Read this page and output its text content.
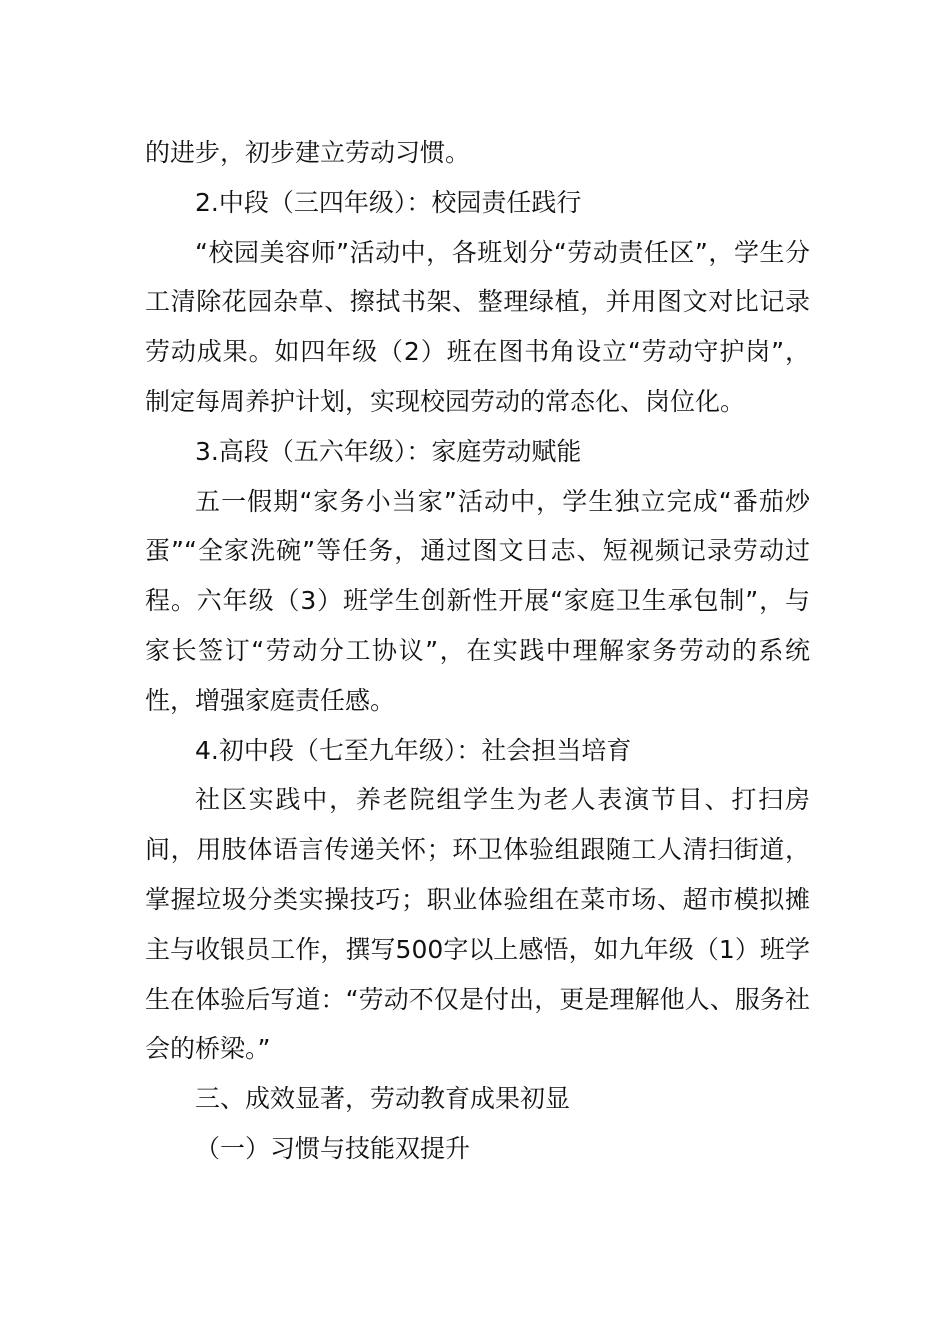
的进步，初步建立劳动习惯。

2.中段（三四年级）：校园责任践行

“校园美容师”活动中，各班划分“劳动责任区”，学生分工清除花园杂草、擦拭书架、整理绿植，并用图文对比记录劳动成果。如四年级（2）班在图书角设立“劳动守护岗”，制定每周养护计划，实现校园劳动的常态化、岗位化。

3.高段（五六年级）：家庭劳动赋能

五一假期“家务小当家”活动中，学生独立完成“番茄炒蛋”“全家洗碗”等任务，通过图文日志、短视频记录劳动过程。六年级（3）班学生创新性开展“家庭卫生承包制”，与家长签订“劳动分工协议”，在实践中理解家务劳动的系统性，增强家庭责任感。

4.初中段（七至九年级）：社会担当培育

社区实践中，养老院组学生为老人表演节目、打扫房间，用肢体语言传递关怀；环卫体验组跟随工人清扫街道，掌握垃圾分类实操技巧；职业体验组在菜市场、超市模拟摊主与收银员工作，撰写500字以上感悟，如九年级（1）班学生在体验后写道：“劳动不仅是付出，更是理解他人、服务社会的桥梁。”

三、成效显著，劳动教育成果初显

（一）习惯与技能双提升
